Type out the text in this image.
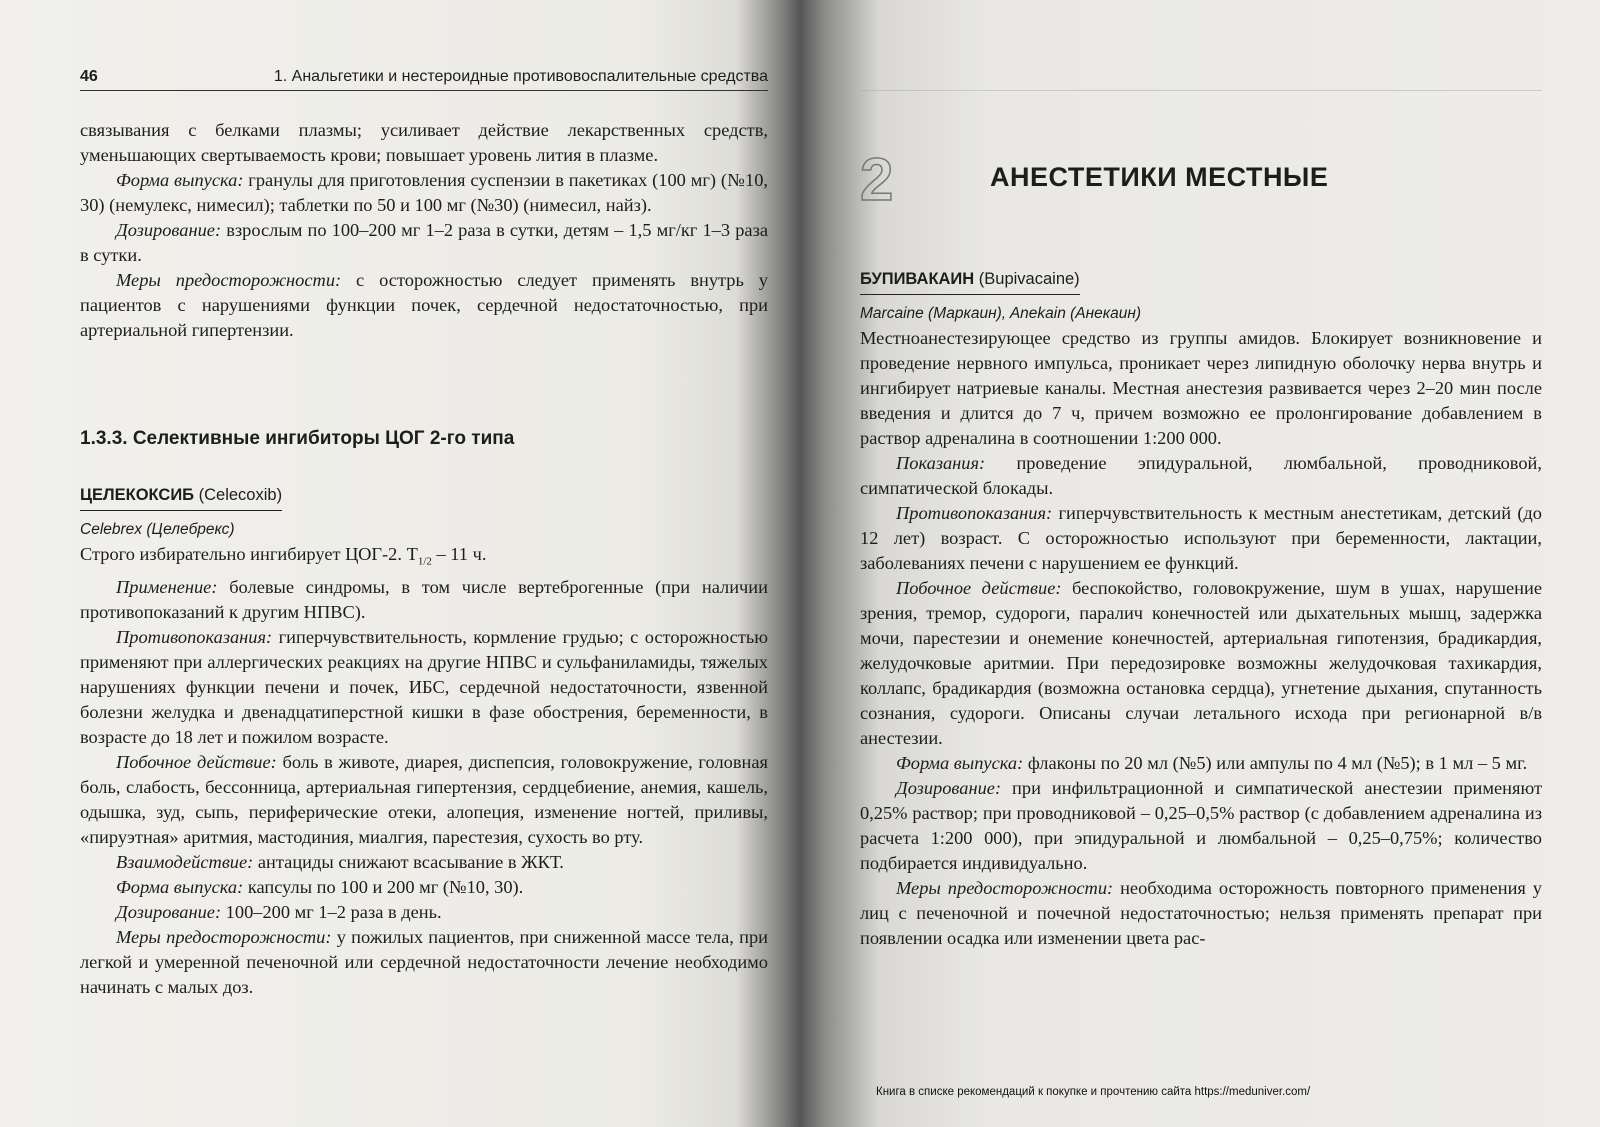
46	1. Анальгетики и нестероидные противовоспалительные средства

связывания с белками плазмы; усиливает действие лекарственных средств, уменьшающих свертываемость крови; повышает уровень лития в плазме.

Форма выпуска: гранулы для приготовления суспензии в пакетиках (100 мг) (№10, 30) (немулекс, нимесил); таблетки по 50 и 100 мг (№30) (нимесил, найз).

Дозирование: взрослым по 100–200 мг 1–2 раза в сутки, детям – 1,5 мг/кг 1–3 раза в сутки.

Меры предосторожности: с осторожностью следует применять внутрь у пациентов с нарушениями функции почек, сердечной недостаточностью, при артериальной гипертензии.

1.3.3. Селективные ингибиторы ЦОГ 2-го типа

ЦЕЛЕКОКСИБ (Celecoxib)

Celebrex (Целебрекс)

Строго избирательно ингибирует ЦОГ-2. $T_{1/2} - 11$ ч.

Применение: болевые синдромы, в том числе вертеброгенные (при наличии противопоказаний к другим НПВС).

Противопоказания: гиперчувствительность, кормление грудью; с осторожностью применяют при аллергических реакциях на другие НПВС и сульфаниламиды, тяжелых нарушениях функции печени и почек, ИБС, сердечной недостаточности, язвенной болезни желудка и двенадцатиперстной кишки в фазе обострения, беременности, в возрасте до 18 лет и пожилом возрасте.

Побочное действие: боль в животе, диарея, диспепсия, головокружение, головная боль, слабость, бессонница, артериальная гипертензия, сердцебиение, анемия, кашель, одышка, зуд, сыпь, периферические отеки, алопеция, изменение ногтей, приливы, «пируэтная» аритмия, мастодиния, миалгия, парестезия, сухость во рту.

Взаимодействие: антациды снижают всасывание в ЖКТ.

Форма выпуска: капсулы по 100 и 200 мг (№10, 30).

Дозирование: 100–200 мг 1–2 раза в день.

Меры предосторожности: у пожилых пациентов, при сниженной массе тела, при легкой и умеренной печеночной или сердечной недостаточности лечение необходимо начинать с малых доз.

2	АНЕСТЕТИКИ МЕСТНЫЕ

БУПИВАКАИН (Bupivacaine)

Marcaine (Маркаин), Anekain (Анекаин)

Местноанестезирующее средство из группы амидов. Блокирует возникновение и проведение нервного импульса, проникает через липидную оболочку нерва внутрь и ингибирует натриевые каналы. Местная анестезия развивается через 2–20 мин после введения и длится до 7 ч, причем возможно ее пролонгирование добавлением в раствор адреналина в соотношении 1:200 000.

Показания: проведение эпидуральной, люмбальной, проводниковой, симпатической блокады.

Противопоказания: гиперчувствительность к местным анестетикам, детский (до 12 лет) возраст. С осторожностью используют при беременности, лактации, заболеваниях печени с нарушением ее функций.

Побочное действие: беспокойство, головокружение, шум в ушах, нарушение зрения, тремор, судороги, паралич конечностей или дыхательных мышц, задержка мочи, парестезии и онемение конечностей, артериальная гипотензия, брадикардия, желудочковые аритмии. При передозировке возможны желудочковая тахикардия, коллапс, брадикардия (возможна остановка сердца), угнетение дыхания, спутанность сознания, судороги. Описаны случаи летального исхода при регионарной в/в анестезии.

Форма выпуска: флаконы по 20 мл (№5) или ампулы по 4 мл (№5); в 1 мл – 5 мг.

Дозирование: при инфильтрационной и симпатической анестезии применяют 0,25% раствор; при проводниковой – 0,25–0,5% раствор (с добавлением адреналина из расчета 1:200 000), при эпидуральной и люмбальной – 0,25–0,75%; количество подбирается индивидуально.

Меры предосторожности: необходима осторожность повторного применения у лиц с печеночной и почечной недостаточностью; нельзя применять препарат при появлении осадка или изменении цвета рас-

Книга в списке рекомендаций к покупке и прочтению сайта https://meduniver.com/
